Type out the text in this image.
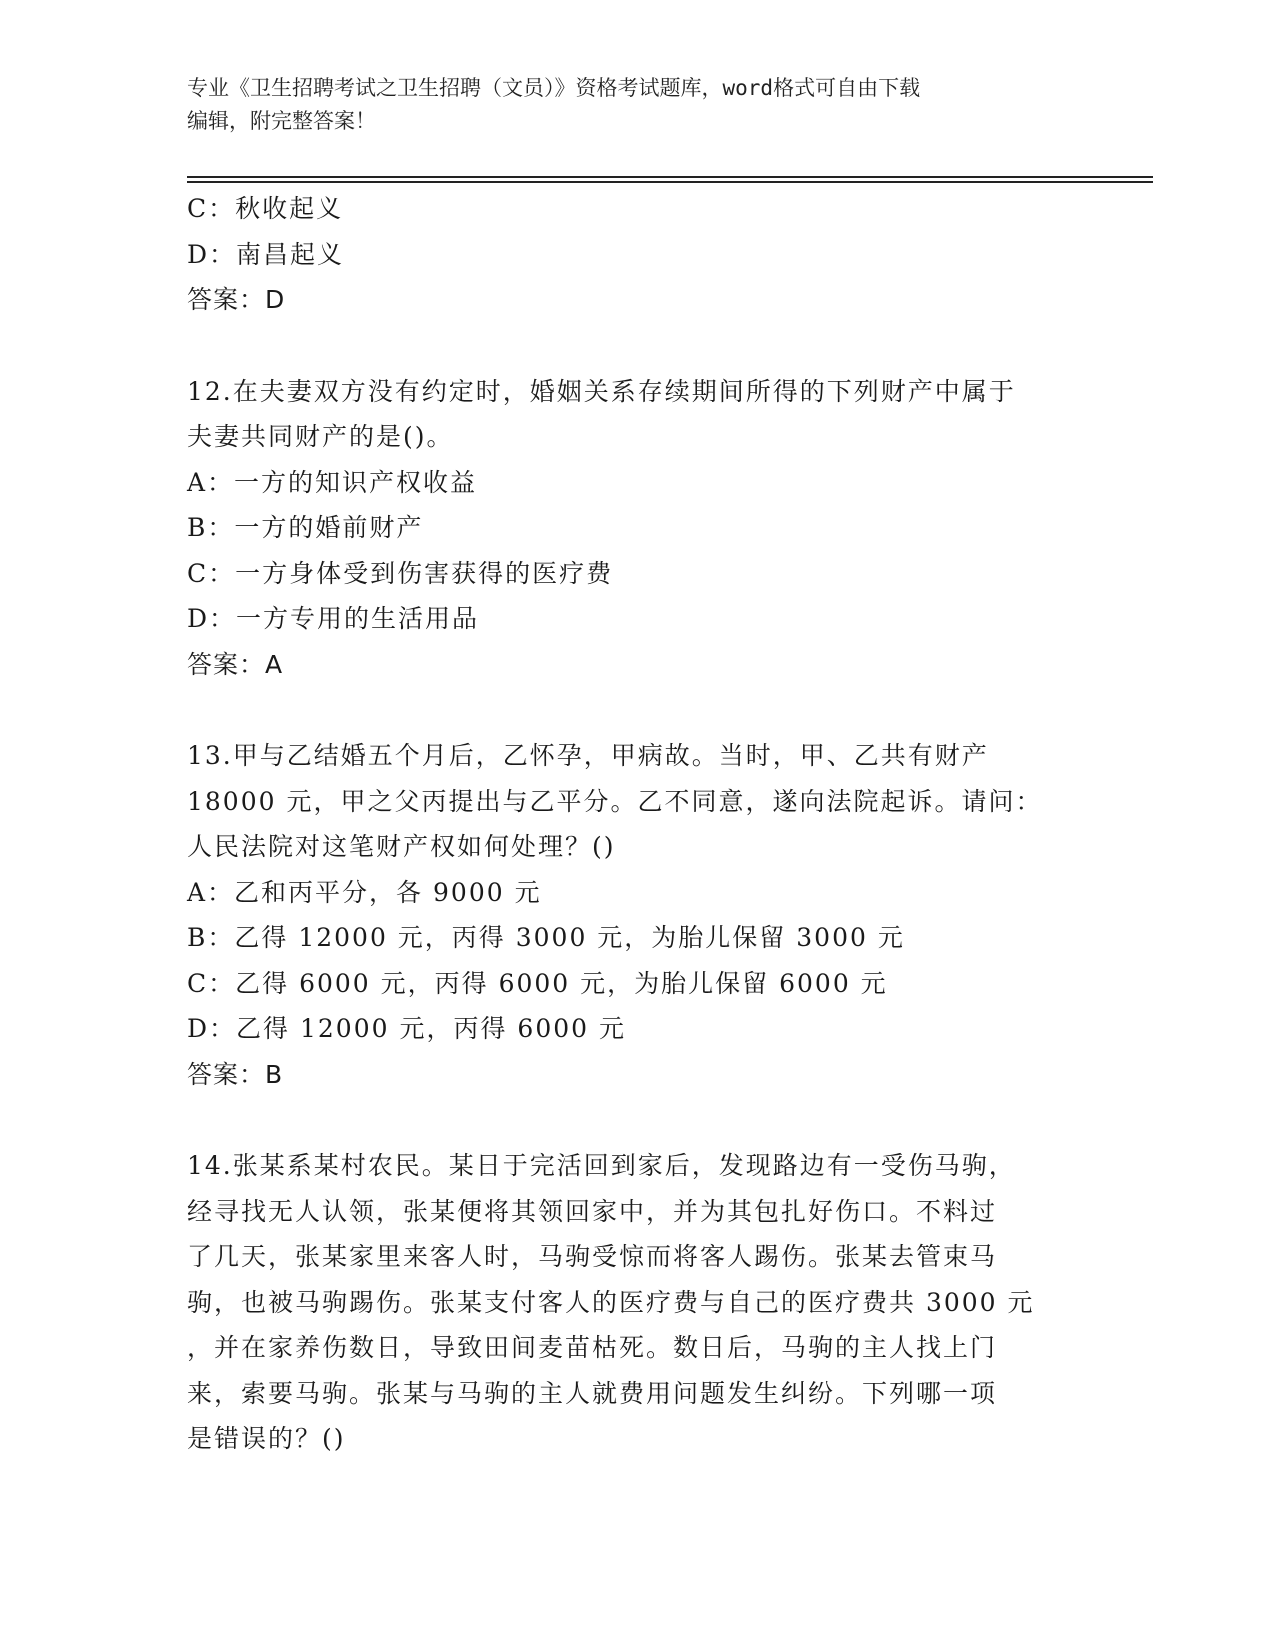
专业《卫生招聘考试之卫生招聘（文员）》资格考试题库，word格式可自由下载
编辑，附完整答案！
C：秋收起义
D：南昌起义
答案：D
12.在夫妻双方没有约定时，婚姻关系存续期间所得的下列财产中属于
夫妻共同财产的是()。
A：一方的知识产权收益
B：一方的婚前财产
C：一方身体受到伤害获得的医疗费
D：一方专用的生活用品
答案：A
13.甲与乙结婚五个月后，乙怀孕，甲病故。当时，甲、乙共有财产
18000 元，甲之父丙提出与乙平分。乙不同意，遂向法院起诉。请问：
人民法院对这笔财产权如何处理？()
A：乙和丙平分，各 9000 元
B：乙得 12000 元，丙得 3000 元，为胎儿保留 3000 元
C：乙得 6000 元，丙得 6000 元，为胎儿保留 6000 元
D：乙得 12000 元，丙得 6000 元
答案：B
14.张某系某村农民。某日于完活回到家后，发现路边有一受伤马驹，
经寻找无人认领，张某便将其领回家中，并为其包扎好伤口。不料过
了几天，张某家里来客人时，马驹受惊而将客人踢伤。张某去管束马
驹，也被马驹踢伤。张某支付客人的医疗费与自己的医疗费共 3000 元
，并在家养伤数日，导致田间麦苗枯死。数日后，马驹的主人找上门
来，索要马驹。张某与马驹的主人就费用问题发生纠纷。下列哪一项
是错误的？()
